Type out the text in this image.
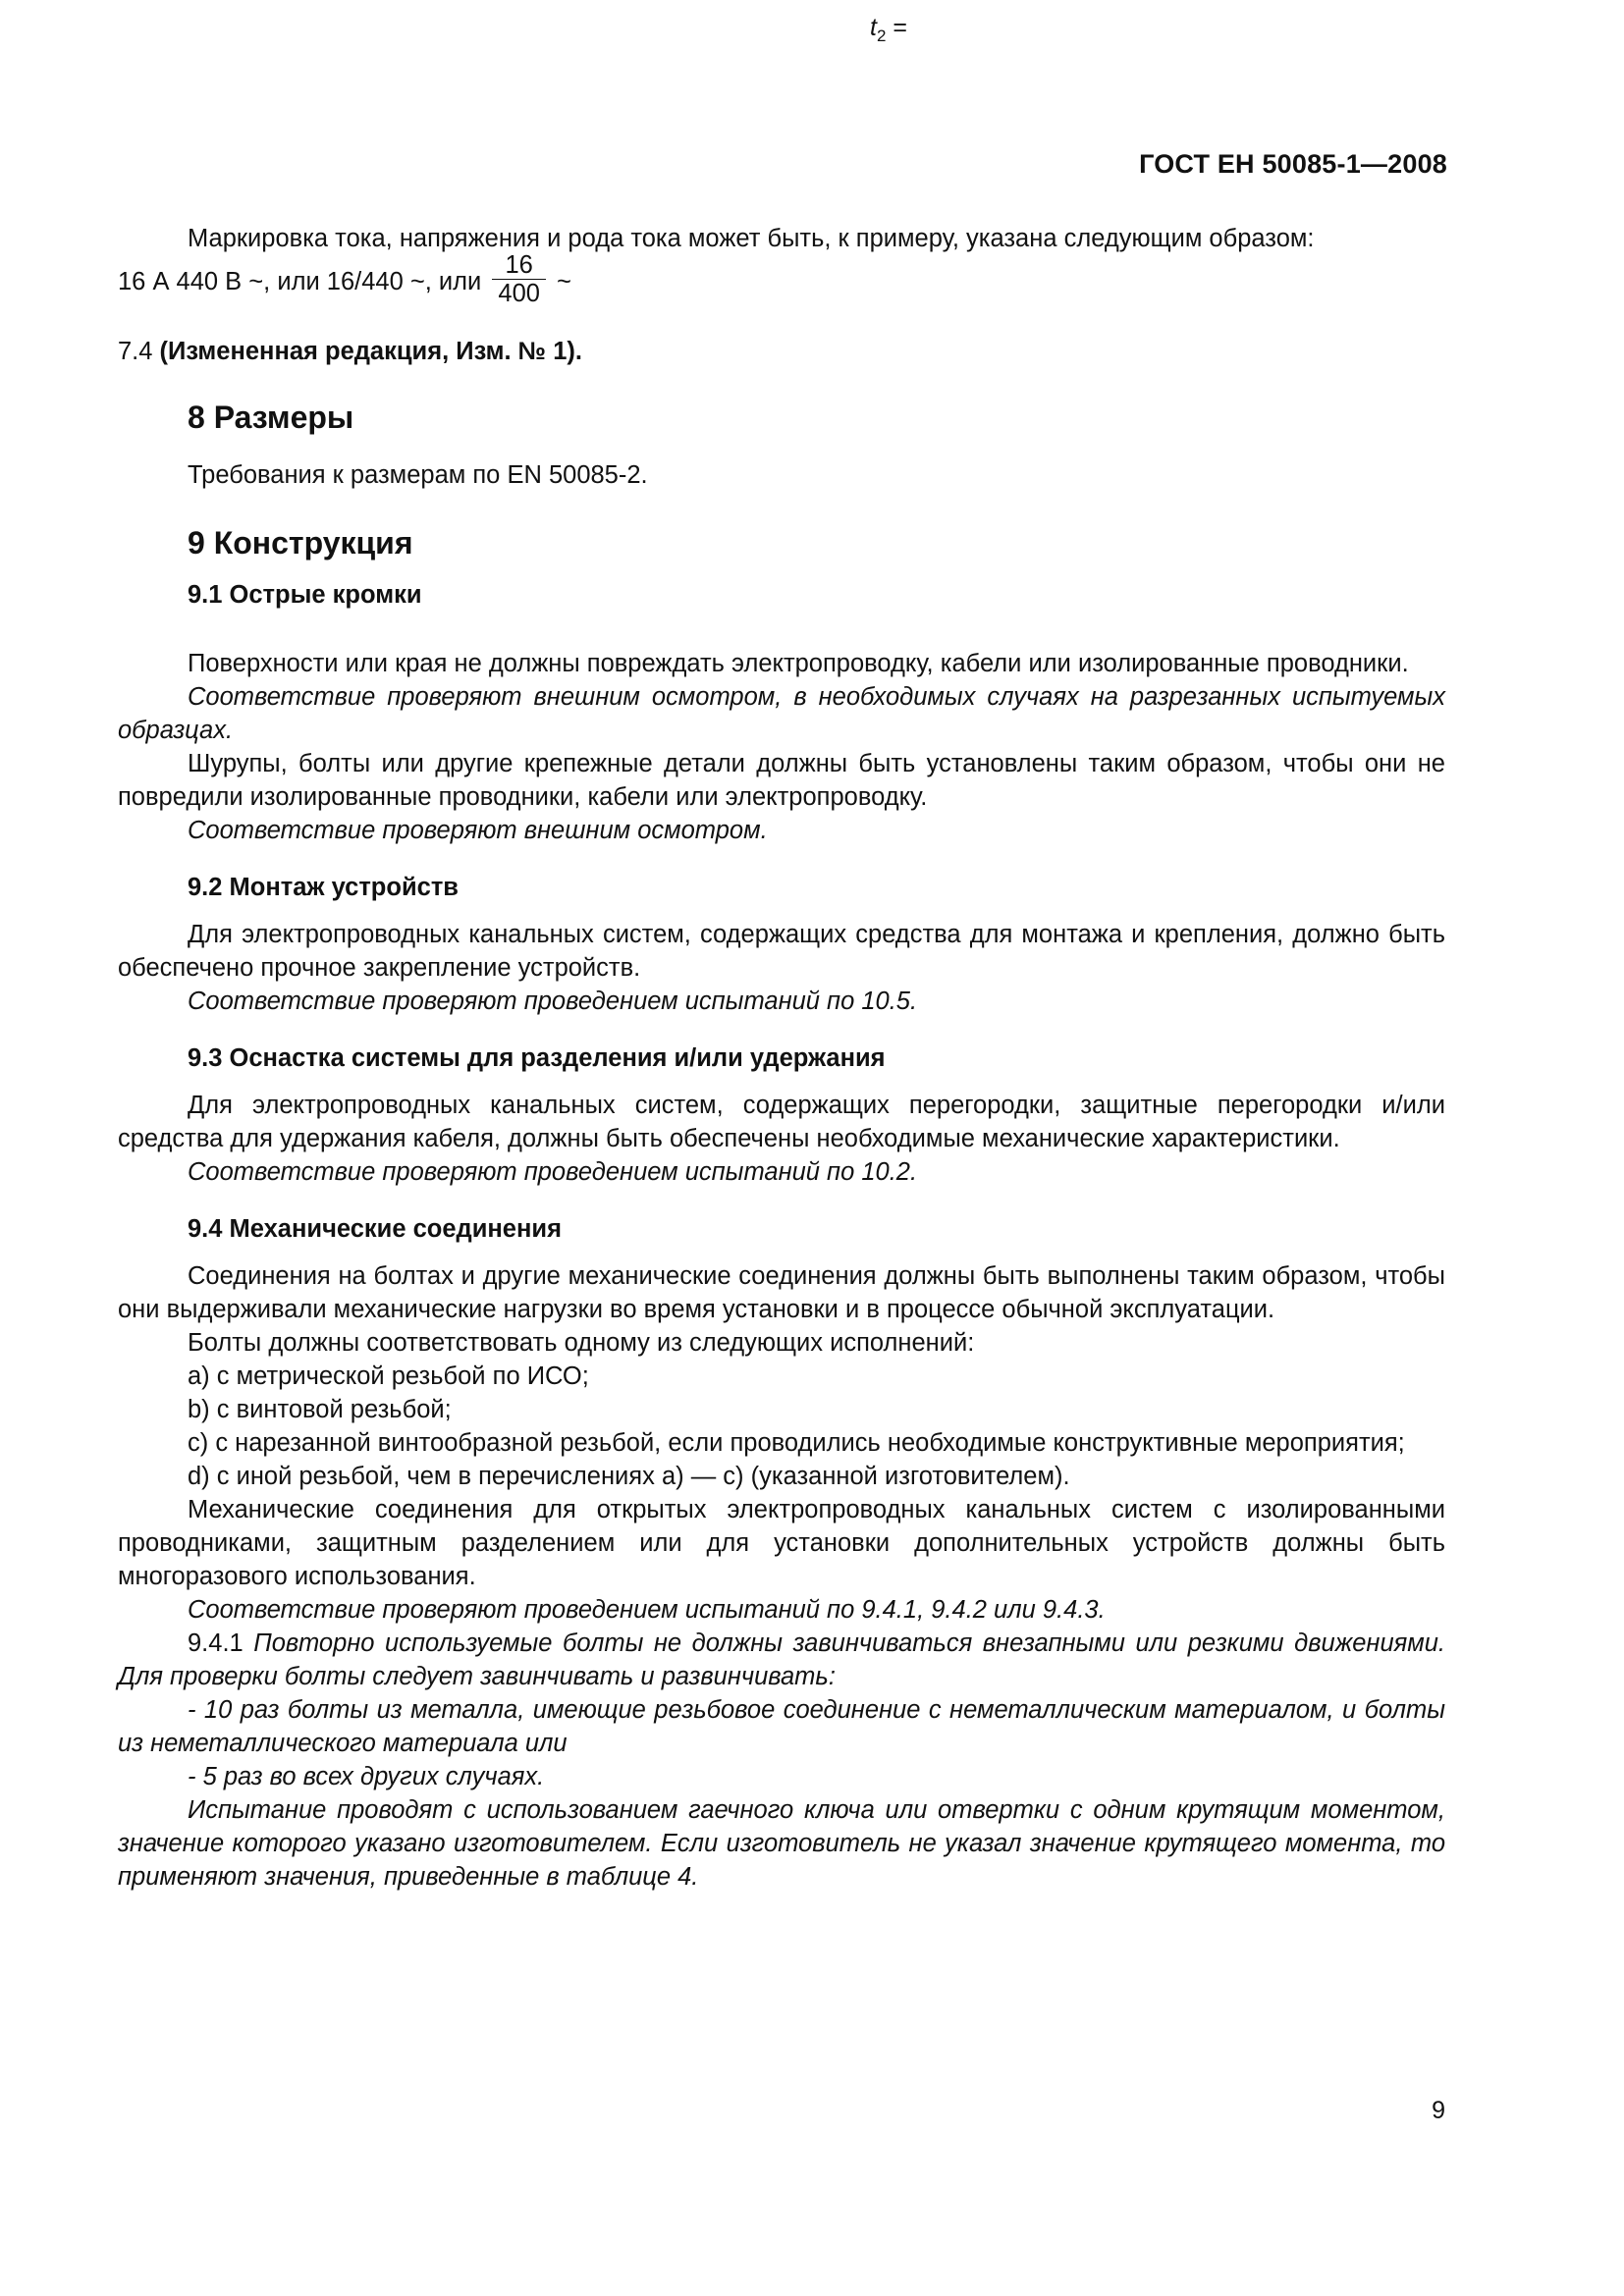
$t_2$ =
ГОСТ ЕН 50085-1—2008

Маркировка тока, напряжения и рода тока может быть, к примеру, указана следующим образом:

16 А 440 В ~, или 16/440 ~, или $\frac{16}{400}$ ~

7.4 (Измененная редакция, Изм. № 1).

8 Размеры

Требования к размерам по EN 50085-2.

9 Конструкция
9.1 Острые кромки

Поверхности или края не должны повреждать электропроводку, кабели или изолированные проводники.

Соответствие проверяют внешним осмотром, в необходимых случаях на разрезанных испытуемых образцах.

Шурупы, болты или другие крепежные детали должны быть установлены таким образом, чтобы они не повредили изолированные проводники, кабели или электропроводку.

Соответствие проверяют внешним осмотром.

9.2 Монтаж устройств

Для электропроводных канальных систем, содержащих средства для монтажа и крепления, должно быть обеспечено прочное закрепление устройств.

Соответствие проверяют проведением испытаний по 10.5.

9.3 Оснастка системы для разделения и/или удержания

Для электропроводных канальных систем, содержащих перегородки, защитные перегородки и/или средства для удержания кабеля, должны быть обеспечены необходимые механические характеристики.

Соответствие проверяют проведением испытаний по 10.2.

9.4 Механические соединения

Соединения на болтах и другие механические соединения должны быть выполнены таким образом, чтобы они выдерживали механические нагрузки во время установки и в процессе обычной эксплуатации.

Болты должны соответствовать одному из следующих исполнений:

а) с метрической резьбой по ИСО;

b) с винтовой резьбой;

с) с нарезанной винтообразной резьбой, если проводились необходимые конструктивные мероприятия;

d) с иной резьбой, чем в перечислениях а) — с) (указанной изготовителем).

Механические соединения для открытых электропроводных канальных систем с изолированными проводниками, защитным разделением или для установки дополнительных устройств должны быть многоразового использования.

Соответствие проверяют проведением испытаний по 9.4.1, 9.4.2 или 9.4.3.

9.4.1 Повторно используемые болты не должны завинчиваться внезапными или резкими движениями. Для проверки болты следует завинчивать и развинчивать:

- 10 раз болты из металла, имеющие резьбовое соединение с неметаллическим материалом, и болты из неметаллического материала или

- 5 раз во всех других случаях.

Испытание проводят с использованием гаечного ключа или отвертки с одним крутящим моментом, значение которого указано изготовителем. Если изготовитель не указал значение крутящего момента, то применяют значения, приведенные в таблице 4.

9
